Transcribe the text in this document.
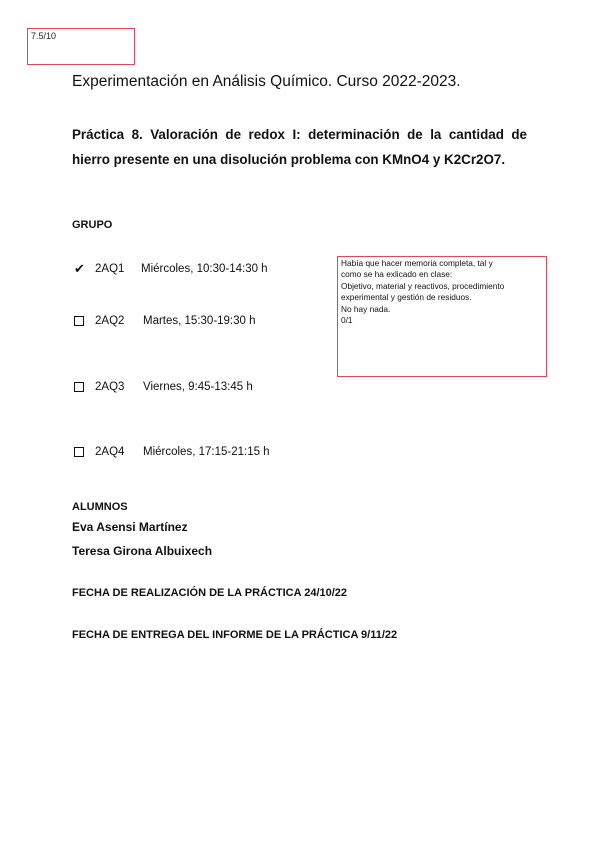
7.5/10
Experimentación en Análisis Químico. Curso 2022-2023.
Práctica 8. Valoración de redox I: determinación de la cantidad de hierro presente en una disolución problema con KMnO4 y K2Cr2O7.
GRUPO
✔ 2AQ1	Miércoles, 10:30-14:30 h
2AQ2	Martes, 15:30-19:30 h
2AQ3	Viernes, 9:45-13:45 h
2AQ4	Miércoles, 17:15-21:15 h
Había que hacer memoria completa, tal y
como se ha exlicado en clase:
Objetivo, material y reactivos, procedimiento
experimental y gestión de residuos.
No hay nada.
0/1
ALUMNOS
Eva Asensi Martínez
Teresa Girona Albuixech
FECHA DE REALIZACIÓN DE LA PRÁCTICA 24/10/22
FECHA DE ENTREGA DEL INFORME DE LA PRÁCTICA 9/11/22
